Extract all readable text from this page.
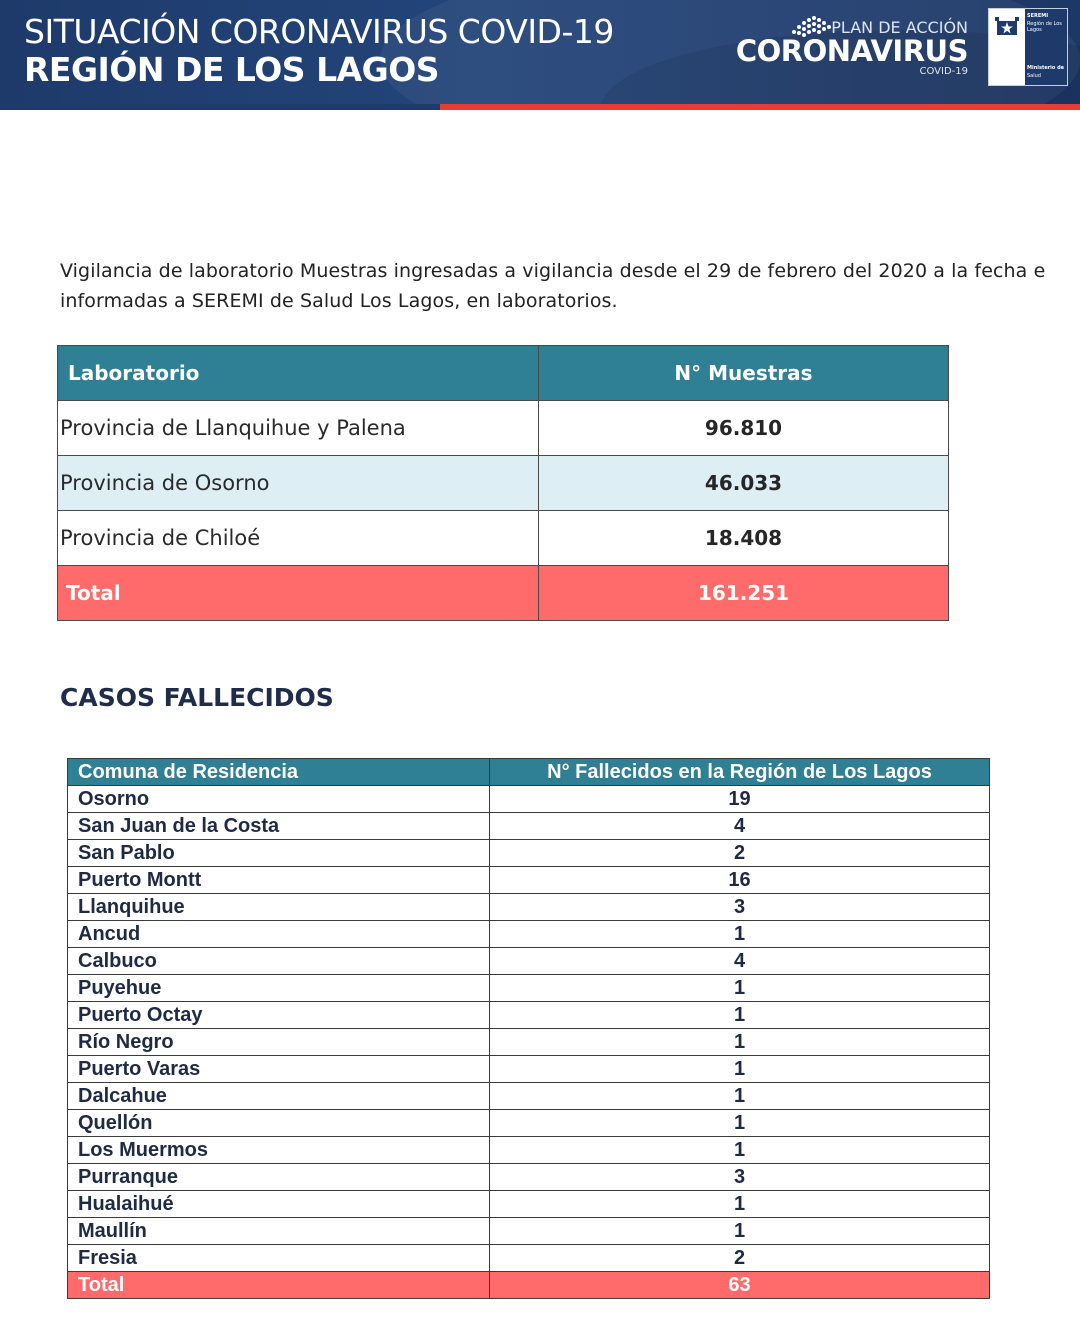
SITUACIÓN CORONAVIRUS COVID-19
REGIÓN DE LOS LAGOS
PLAN DE ACCIÓN
CORONAVIRUS
COVID-19
SEREMI
Región de Los Lagos
Ministerio de
Salud
Vigilancia de laboratorio Muestras ingresadas a vigilancia desde el 29 de febrero del 2020 a la fecha e
informadas a SEREMI de Salud Los Lagos, en laboratorios.
Laboratorio	N° Muestras
Provincia de Llanquihue y Palena	96.810
Provincia de Osorno	46.033
Provincia de Chiloé	18.408
Total	161.251
CASOS FALLECIDOS
Comuna de Residencia	N° Fallecidos en la Región de Los Lagos
Osorno	19
San Juan de la Costa	4
San Pablo	2
Puerto Montt	16
Llanquihue	3
Ancud	1
Calbuco	4
Puyehue	1
Puerto Octay	1
Río Negro	1
Puerto Varas	1
Dalcahue	1
Quellón	1
Los Muermos	1
Purranque	3
Hualaihué	1
Maullín	1
Fresia	2
Total	63
